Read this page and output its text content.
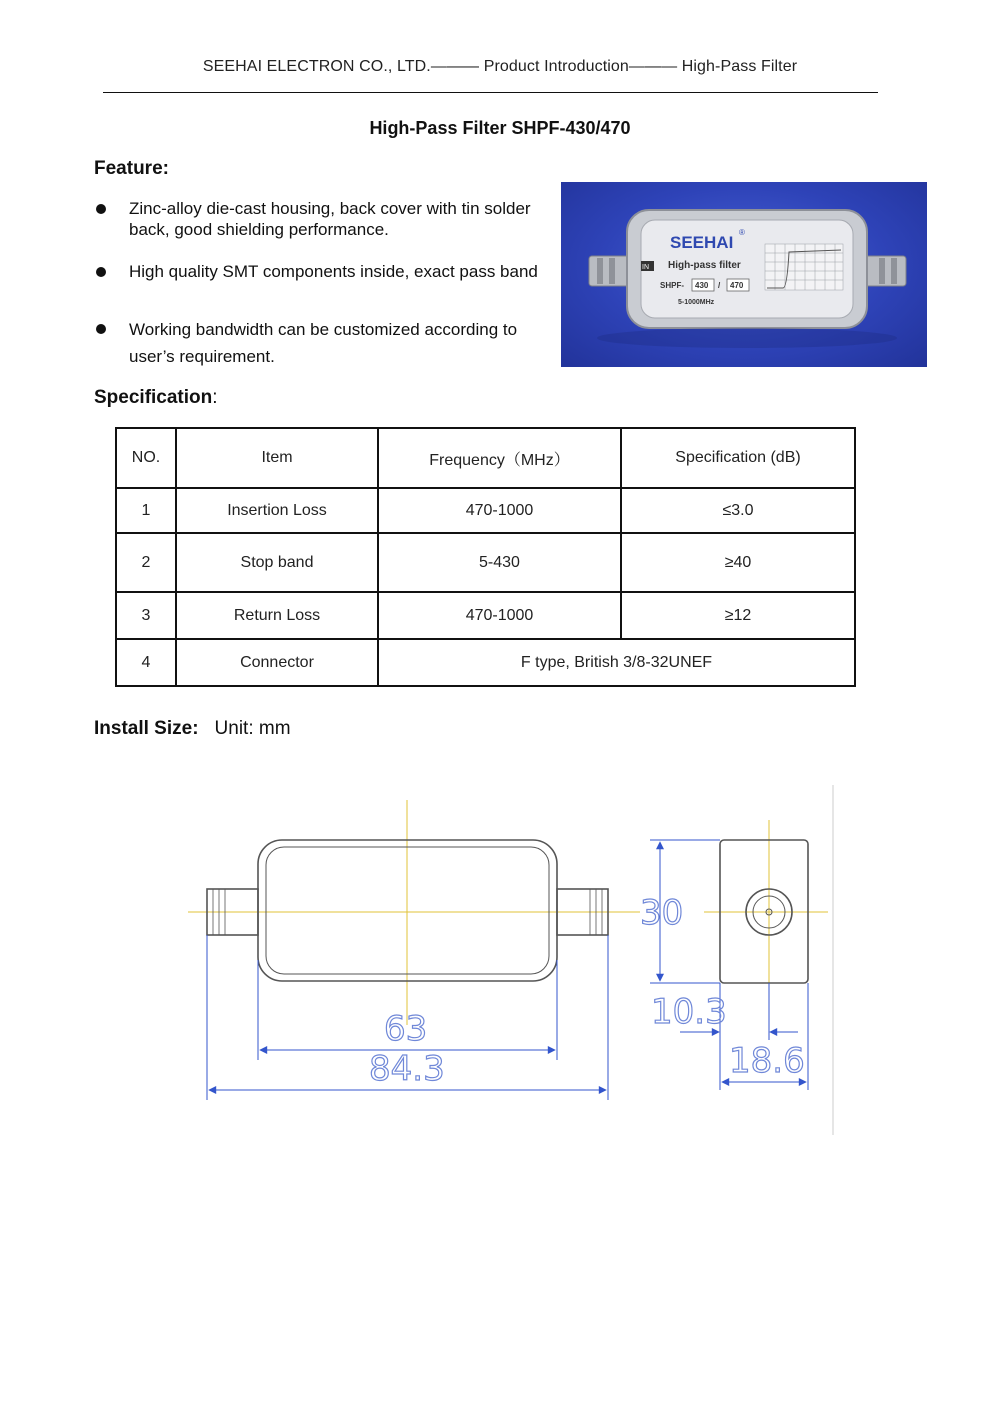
SEEHAI ELECTRON CO., LTD.——— Product Introduction——— High-Pass Filter
High-Pass Filter SHPF-430/470
Feature:
Zinc-alloy die-cast housing, back cover with tin solder back, good shielding performance.
High quality SMT components inside, exact pass band
Working bandwidth can be customized according to user’s requirement.
SEEHAI
®
IN High-pass filter
SHPF- 430 / 470
5-1000MHz
Specification:
NO.	Item	Frequency（MHz）	Specification (dB)
1	Insertion Loss	470-1000	≤3.0
2	Stop band	5-430	≥40
3	Return Loss	470-1000	≥12
4	Connector	F type, British 3/8-32UNEF	
Install Size: Unit: mm
63
84.3
30
10.3
18.6
